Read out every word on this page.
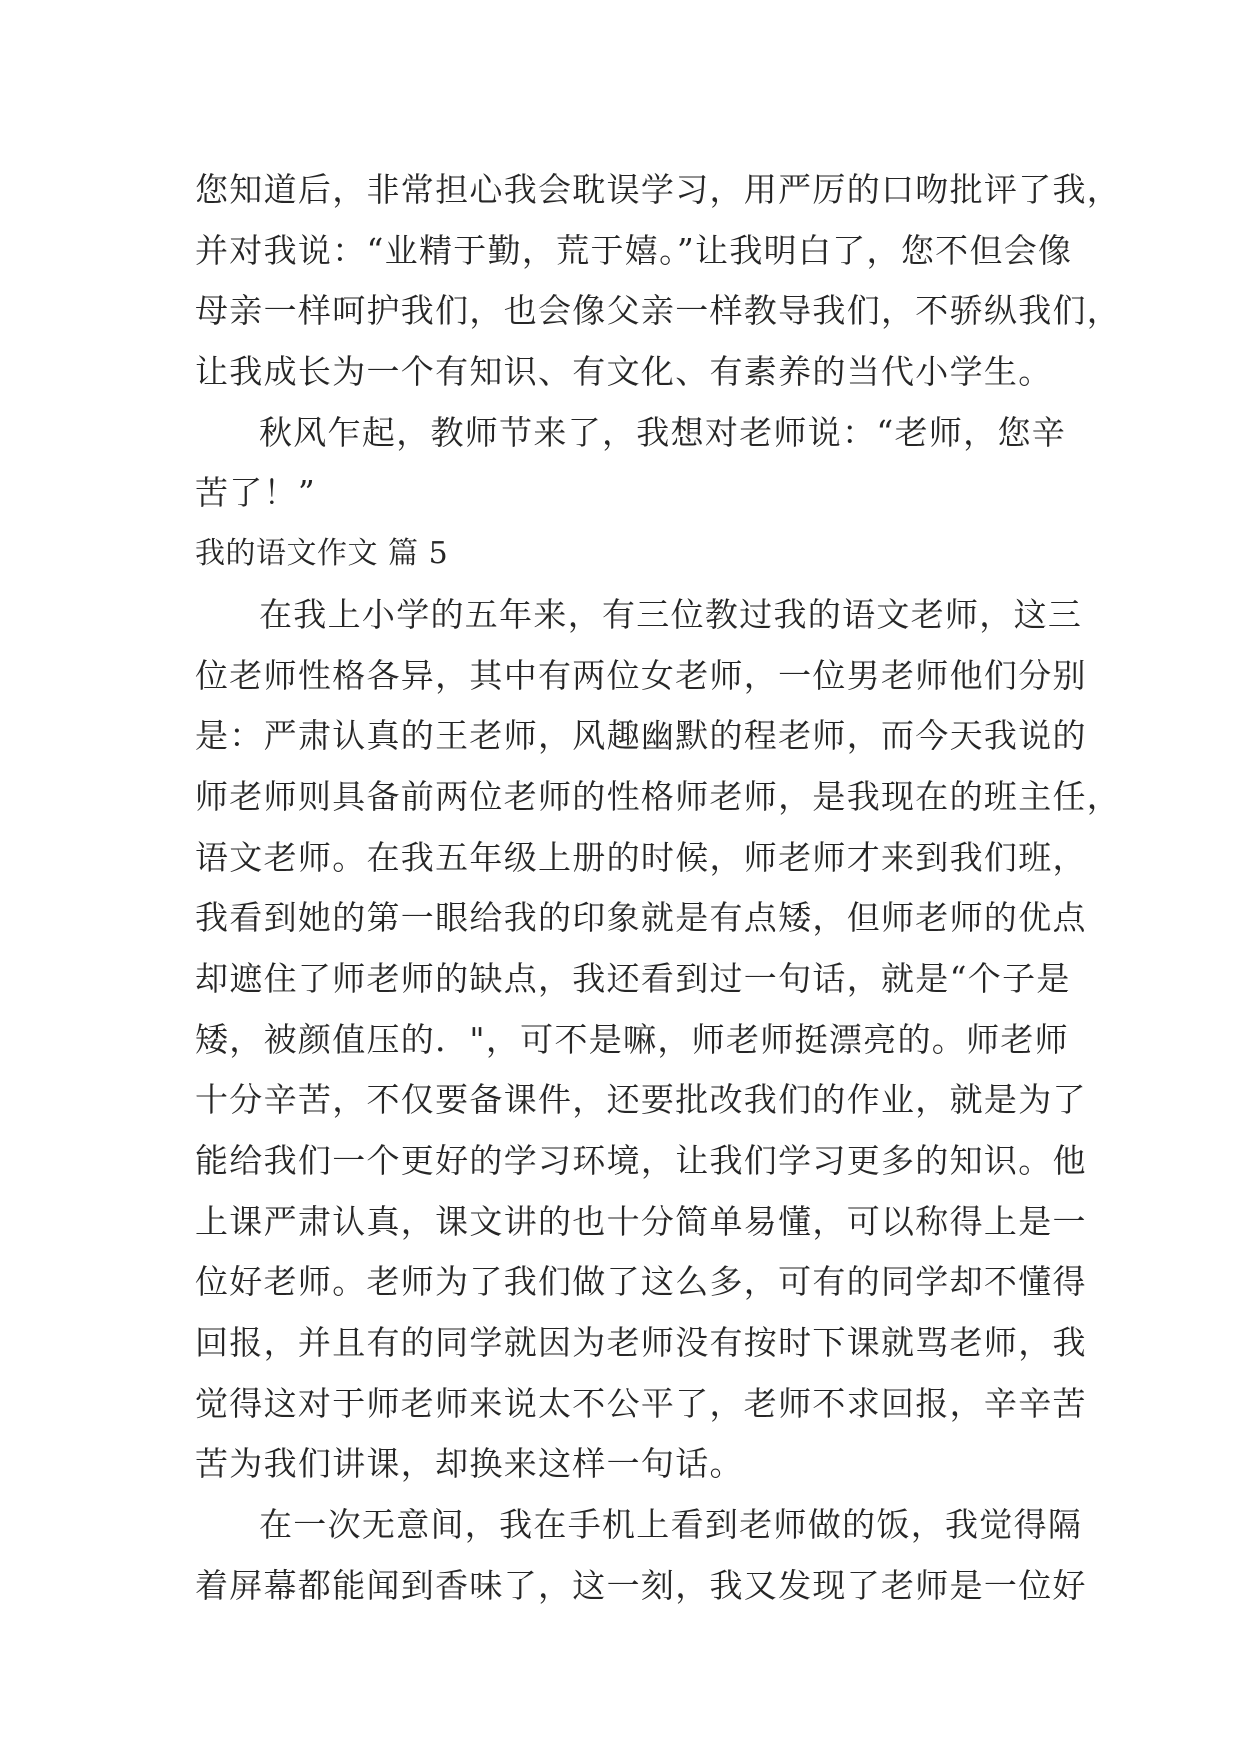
您知道后，非常担心我会耽误学习，用严厉的口吻批评了我，
并对我说：“业精于勤，荒于嬉。”让我明白了，您不但会像
母亲一样呵护我们，也会像父亲一样教导我们，不骄纵我们，
让我成长为一个有知识、有文化、有素养的当代小学生。
秋风乍起，教师节来了，我想对老师说：“老师，您辛
苦了！”
我的语文作文 篇 5
在我上小学的五年来，有三位教过我的语文老师，这三
位老师性格各异，其中有两位女老师，一位男老师他们分别
是：严肃认真的王老师，风趣幽默的程老师，而今天我说的
师老师则具备前两位老师的性格师老师，是我现在的班主任，
语文老师。在我五年级上册的时候，师老师才来到我们班，
我看到她的第一眼给我的印象就是有点矮，但师老师的优点
却遮住了师老师的缺点，我还看到过一句话，就是“个子是
矮，被颜值压的．"，可不是嘛，师老师挺漂亮的。师老师
十分辛苦，不仅要备课件，还要批改我们的作业，就是为了
能给我们一个更好的学习环境，让我们学习更多的知识。他
上课严肃认真，课文讲的也十分简单易懂，可以称得上是一
位好老师。老师为了我们做了这么多，可有的同学却不懂得
回报，并且有的同学就因为老师没有按时下课就骂老师，我
觉得这对于师老师来说太不公平了，老师不求回报，辛辛苦
苦为我们讲课，却换来这样一句话。
在一次无意间，我在手机上看到老师做的饭，我觉得隔
着屏幕都能闻到香味了，这一刻，我又发现了老师是一位好
